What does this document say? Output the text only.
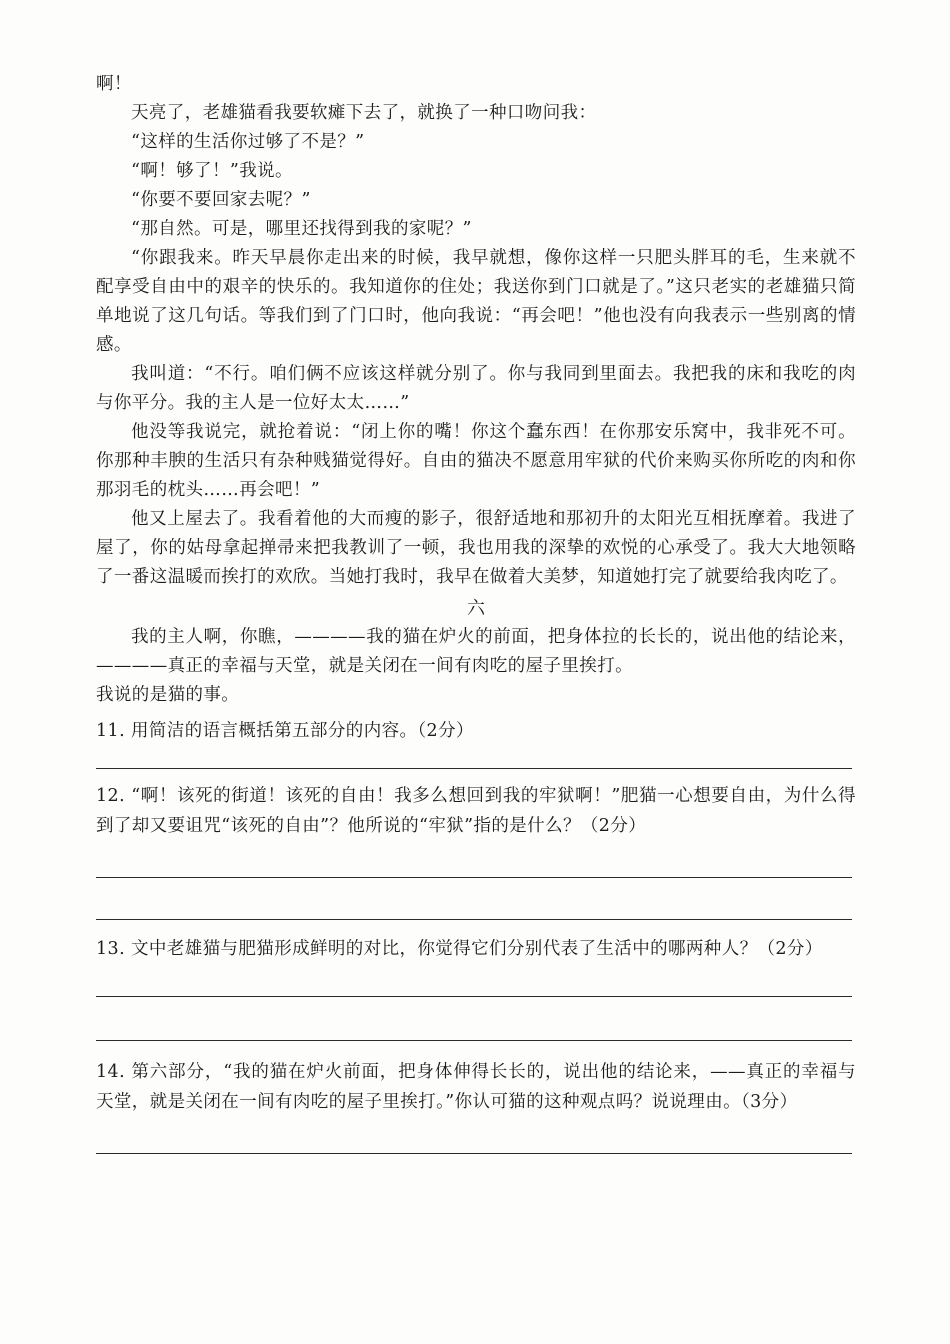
啊！

天亮了，老雄猫看我要软瘫下去了，就换了一种口吻问我：

“这样的生活你过够了不是？”

“啊！够了！”我说。

“你要不要回家去呢？”

“那自然。可是，哪里还找得到我的家呢？”

“你跟我来。昨天早晨你走出来的时候，我早就想，像你这样一只肥头胖耳的毛，生来就不配享受自由中的艰辛的快乐的。我知道你的住处；我送你到门口就是了。”这只老实的老雄猫只简单地说了这几句话。等我们到了门口时，他向我说：“再会吧！”他也没有向我表示一些别离的情感。

我叫道：“不行。咱们俩不应该这样就分别了。你与我同到里面去。我把我的床和我吃的肉与你平分。我的主人是一位好太太……”

他没等我说完，就抢着说：“闭上你的嘴！你这个蠢东西！在你那安乐窝中，我非死不可。你那种丰腴的生活只有杂种贱猫觉得好。自由的猫决不愿意用牢狱的代价来购买你所吃的肉和你那羽毛的枕头……再会吧！”

他又上屋去了。我看着他的大而瘦的影子，很舒适地和那初升的太阳光互相抚摩着。我进了屋了，你的姑母拿起掸帚来把我教训了一顿，我也用我的深挚的欢悦的心承受了。我大大地领略了一番这温暖而挨打的欢欣。当她打我时，我早在做着大美梦，知道她打完了就要给我肉吃了。

六

我的主人啊，你瞧，————我的猫在炉火的前面，把身体拉的长长的，说出他的结论来，————真正的幸福与天堂，就是关闭在一间有肉吃的屋子里挨打。

我说的是猫的事。

11. 用简洁的语言概括第五部分的内容。（2分）

12. “啊！该死的街道！该死的自由！我多么想回到我的牢狱啊！”肥猫一心想要自由，为什么得到了却又要诅咒“该死的自由”？他所说的“牢狱”指的是什么？（2分）

13. 文中老雄猫与肥猫形成鲜明的对比，你觉得它们分别代表了生活中的哪两种人？（2分）

14. 第六部分，“我的猫在炉火前面，把身体伸得长长的，说出他的结论来，——真正的幸福与天堂，就是关闭在一间有肉吃的屋子里挨打。”你认可猫的这种观点吗？说说理由。（3分）
